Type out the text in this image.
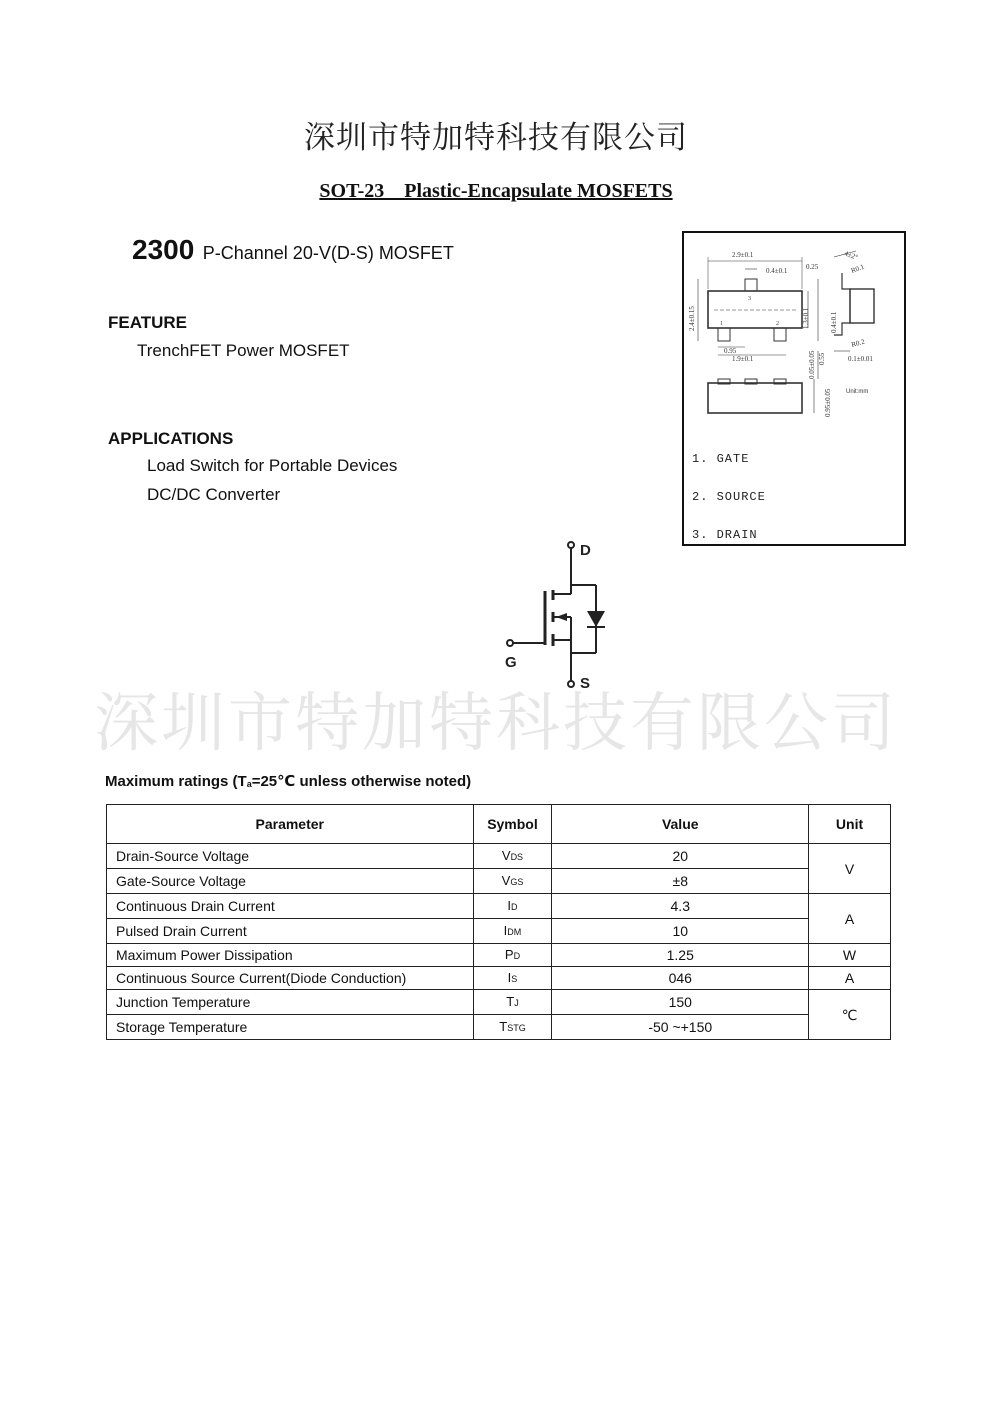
深圳市特加特科技有限公司
SOT-23    Plastic-Encapsulate MOSFETS
2300 P-Channel 20-V(D-S) MOSFET
FEATURE
TrenchFET Power MOSFET
APPLICATIONS
Load Switch for Portable Devices
DC/DC Converter
2.9±0.1
0.4±0.1	0.25
4±2°
R0.1
2.4±0.15	1.3±0.1	0.4±0.1
R0.2
0.95
1.9±0.1	0.05±0.05 0.55	0.1±0.01
0.95±0.05 Unit:mm
1	2
3
1. GATE
2. SOURCE
3. DRAIN
D
G
S
深圳市特加特科技有限公司
Maximum ratings ($T_a=25℃$ unless otherwise noted)
Parameter	Symbol	Value	Unit
Drain-Source Voltage	VDS	20	V
Gate-Source Voltage	VGS	±8	
Continuous Drain Current	ID	4.3	A
Pulsed Drain Current	IDM	10	
Maximum Power Dissipation	PD	1.25	W
Continuous Source Current(Diode Conduction)	IS	046	A
Junction Temperature	TJ	150	℃
Storage Temperature	TSTG	-50 ~+150	
